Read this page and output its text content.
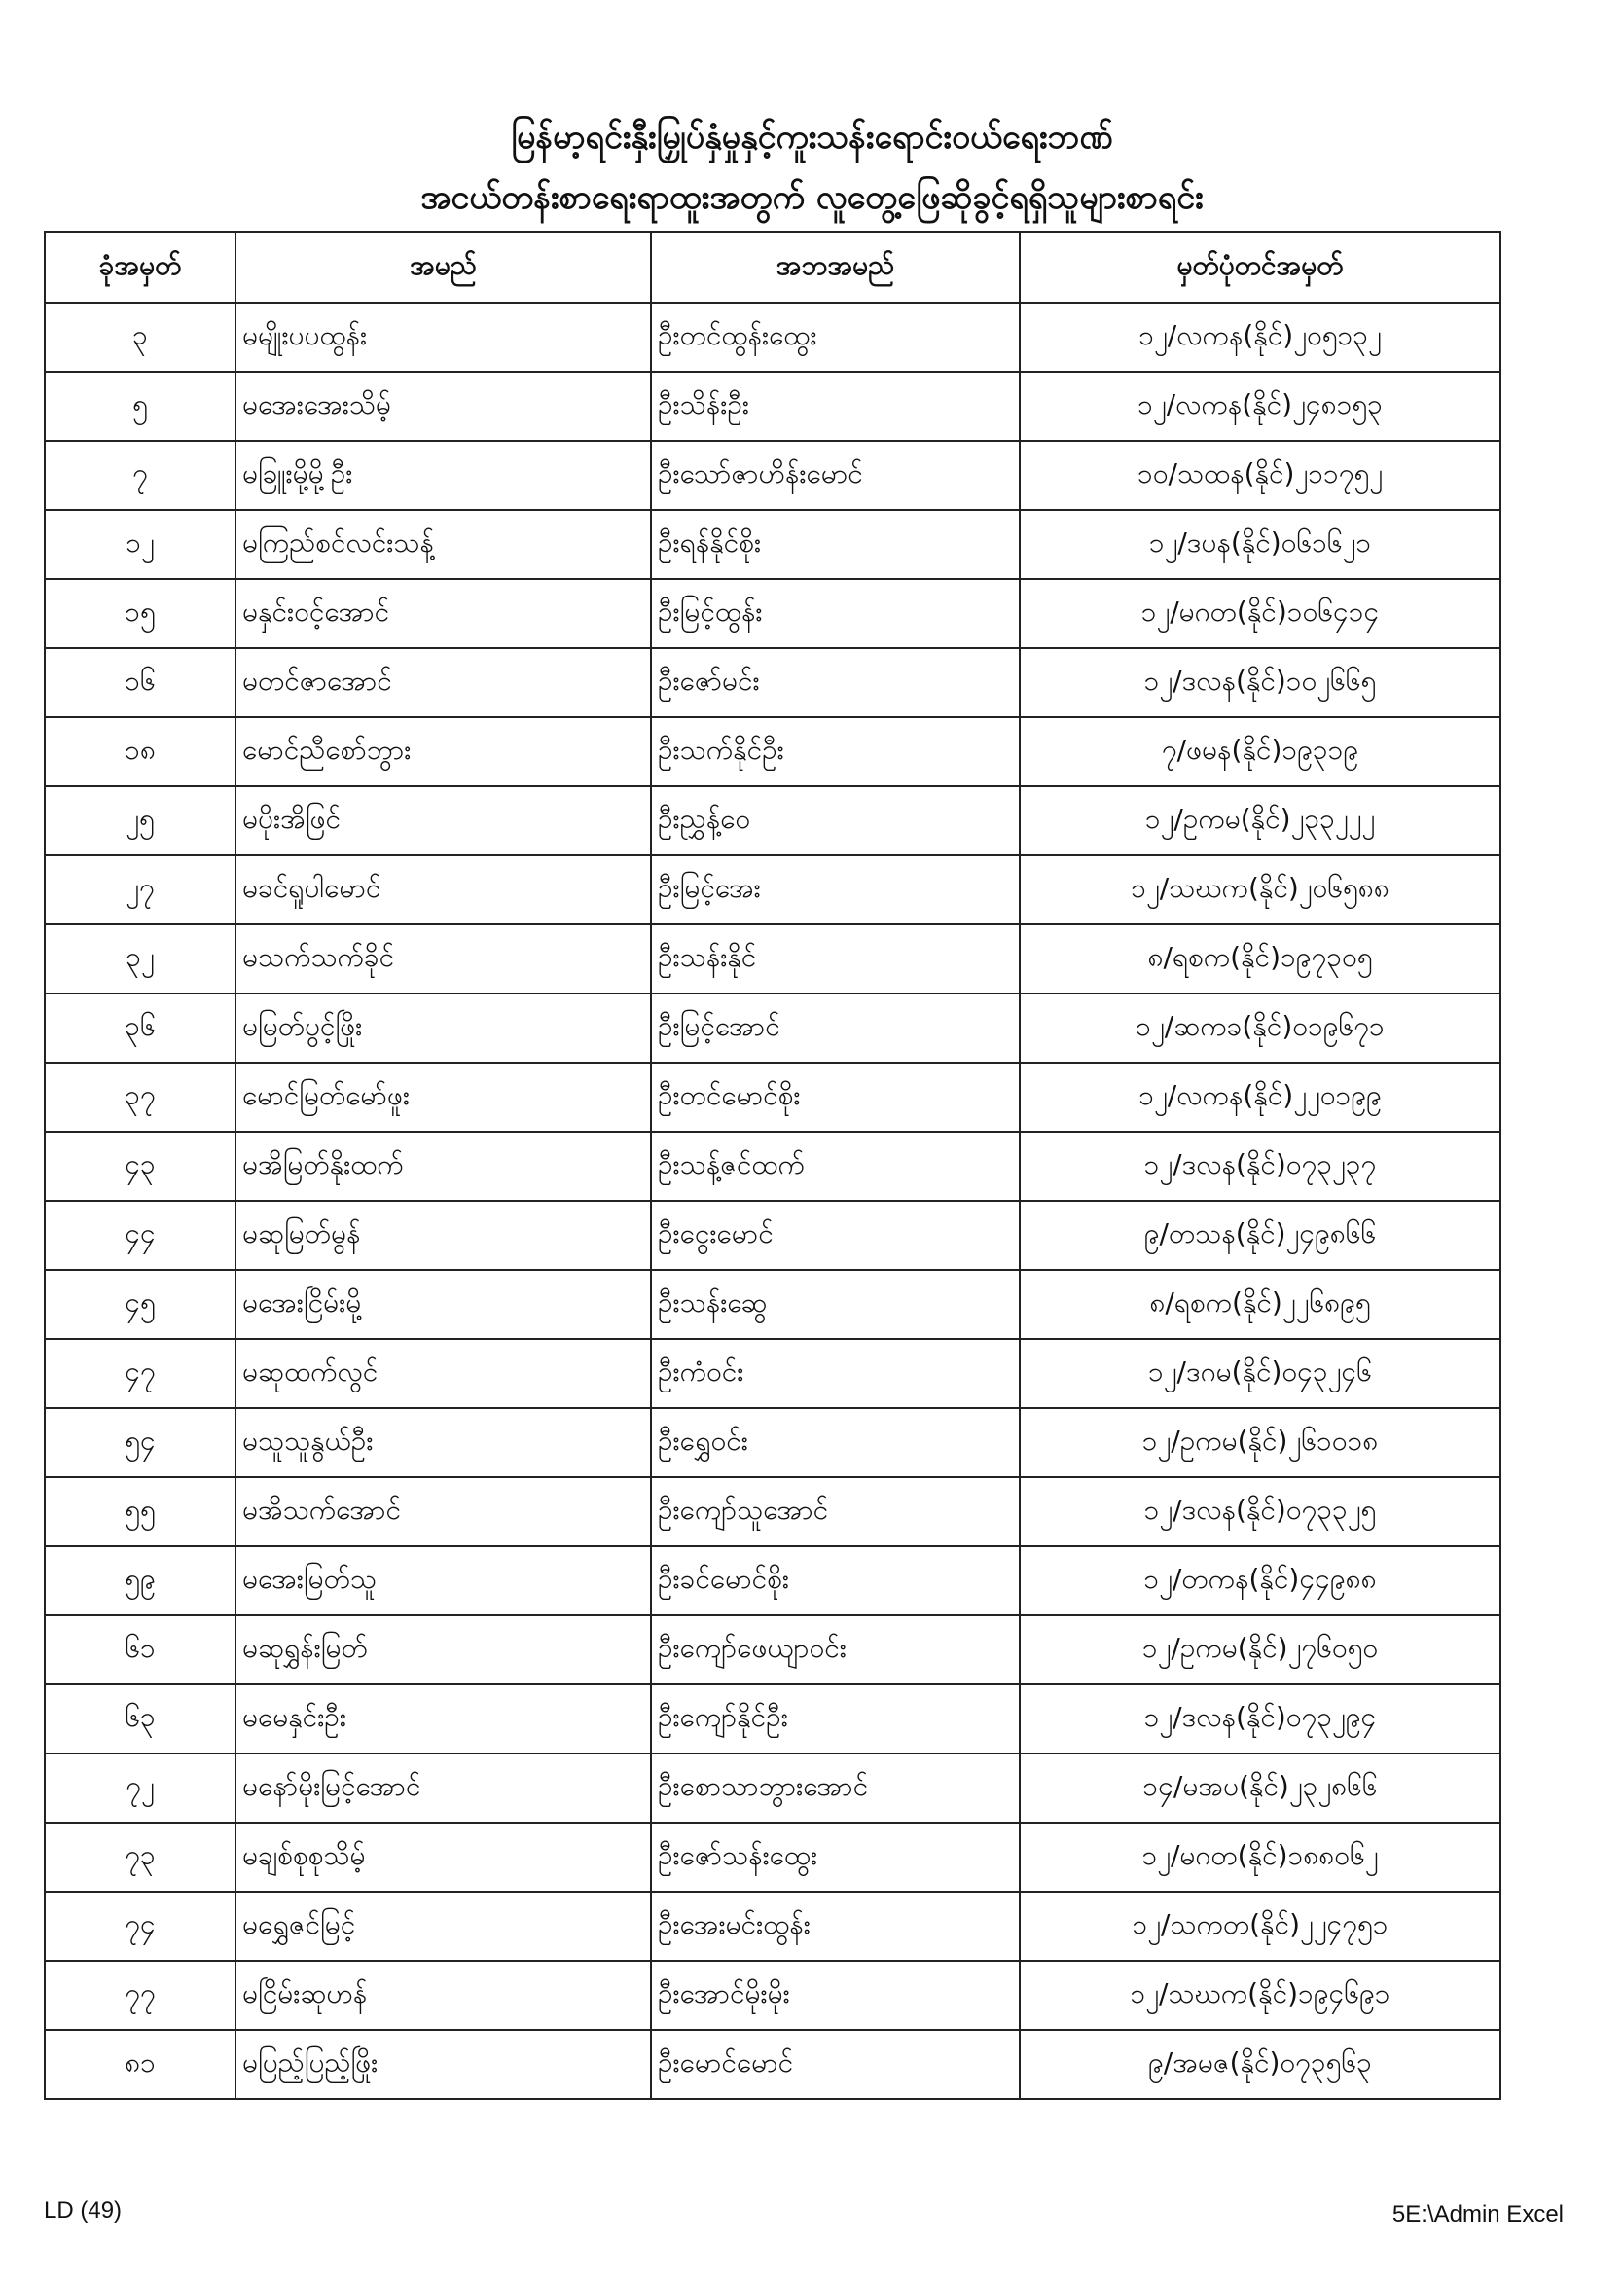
မြန်မာ့ရင်းနှီးမြှုပ်နှံမှုနှင့်ကူးသန်းရောင်းဝယ်ရေးဘဏ်
အငယ်တန်းစာရေးရာထူးအတွက် လူတွေ့ဖြေဆိုခွင့်ရရှိသူများစာရင်း
ခုံအမှတ်	အမည်	အဘအမည်	မှတ်ပုံတင်အမှတ်
၃	မမျိုးပပထွန်း	ဦးတင်ထွန်းထွေး	၁၂/လကန(နိုင်)၂၀၅၁၃၂
၅	မအေးအေးသိမ့်	ဦးသိန်းဦး	၁၂/လကန(နိုင်)၂၄၈၁၅၃
၇	မခြူးမို့မို့ဦး	ဦးသော်ဇာဟိန်းမောင်	၁၀/သထန(နိုင်)၂၁၁၇၅၂
၁၂	မကြည်စင်လင်းသန့်	ဦးရန်နိုင်စိုး	၁၂/ဒပန(နိုင်)၀၆၁၆၂၁
၁၅	မနှင်းဝင့်အောင်	ဦးမြင့်ထွန်း	၁၂/မဂတ(နိုင်)၁၀၆၄၁၄
၁၆	မတင်ဇာအောင်	ဦးဇော်မင်း	၁၂/ဒလန(နိုင်)၁၀၂၆၆၅
၁၈	မောင်ညီစော်ဘွား	ဦးသက်နိုင်ဦး	၇/ဖမန(နိုင်)၁၉၃၁၉
၂၅	မပိုးအိဖြင်	ဦးညွှန့်ဝေ	၁၂/ဥကမ(နိုင်)၂၃၃၂၂၂
၂၇	မခင်ရူပါမောင်	ဦးမြင့်အေး	၁၂/သဃက(နိုင်)၂၀၆၅၈၈
၃၂	မသက်သက်ခိုင်	ဦးသန်းနိုင်	၈/ရစက(နိုင်)၁၉၇၃၀၅
၃၆	မမြတ်ပွင့်ဖြိုး	ဦးမြင့်အောင်	၁၂/ဆကခ(နိုင်)၀၁၉၆၇၁
၃၇	မောင်မြတ်မော်ဖူး	ဦးတင်မောင်စိုး	၁၂/လကန(နိုင်)၂၂၀၁၉၉
၄၃	မအိမြတ်နိုးထက်	ဦးသန့်ဇင်ထက်	၁၂/ဒလန(နိုင်)၀၇၃၂၃၇
၄၄	မဆုမြတ်မွန်	ဦးငွေးမောင်	၉/တသန(နိုင်)၂၄၉၈၆၆
၄၅	မအေးငြိမ်းမို့	ဦးသန်းဆွေ	၈/ရစက(နိုင်)၂၂၆၈၉၅
၄၇	မဆုထက်လွင်	ဦးကံဝင်း	၁၂/ဒဂမ(နိုင်)၀၄၃၂၄၆
၅၄	မသူသူနွယ်ဦး	ဦးရွှေဝင်း	၁၂/ဥကမ(နိုင်)၂၆၁၀၁၈
၅၅	မအိသက်အောင်	ဦးကျော်သူအောင်	၁၂/ဒလန(နိုင်)၀၇၃၃၂၅
၅၉	မအေးမြတ်သူ	ဦးခင်မောင်စိုး	၁၂/တကန(နိုင်)၄၄၉၈၈
၆၁	မဆုရွှန်းမြတ်	ဦးကျော်ဖေယျာဝင်း	၁၂/ဥကမ(နိုင်)၂၇၆၀၅၀
၆၃	မမေနှင်းဦး	ဦးကျော်နိုင်ဦး	၁၂/ဒလန(နိုင်)၀၇၃၂၉၄
၇၂	မနော်မိုးမြင့်အောင်	ဦးစောသာဘွားအောင်	၁၄/မအပ(နိုင်)၂၃၂၈၆၆
၇၃	မချစ်စုစုသိမ့်	ဦးဇော်သန်းထွေး	၁၂/မဂတ(နိုင်)၁၈၈၀၆၂
၇၄	မရွှေဇင်မြင့်	ဦးအေးမင်းထွန်း	၁၂/သကတ(နိုင်)၂၂၄၇၅၁
၇၇	မငြိမ်းဆုဟန်	ဦးအောင်မိုးမိုး	၁၂/သဃက(နိုင်)၁၉၄၆၉၁
၈၁	မပြည့်ပြည့်ဖြိုး	ဦးမောင်မောင်	၉/အမဇ(နိုင်)၀၇၃၅၆၃
LD (49)	5E:\Admin Excel
